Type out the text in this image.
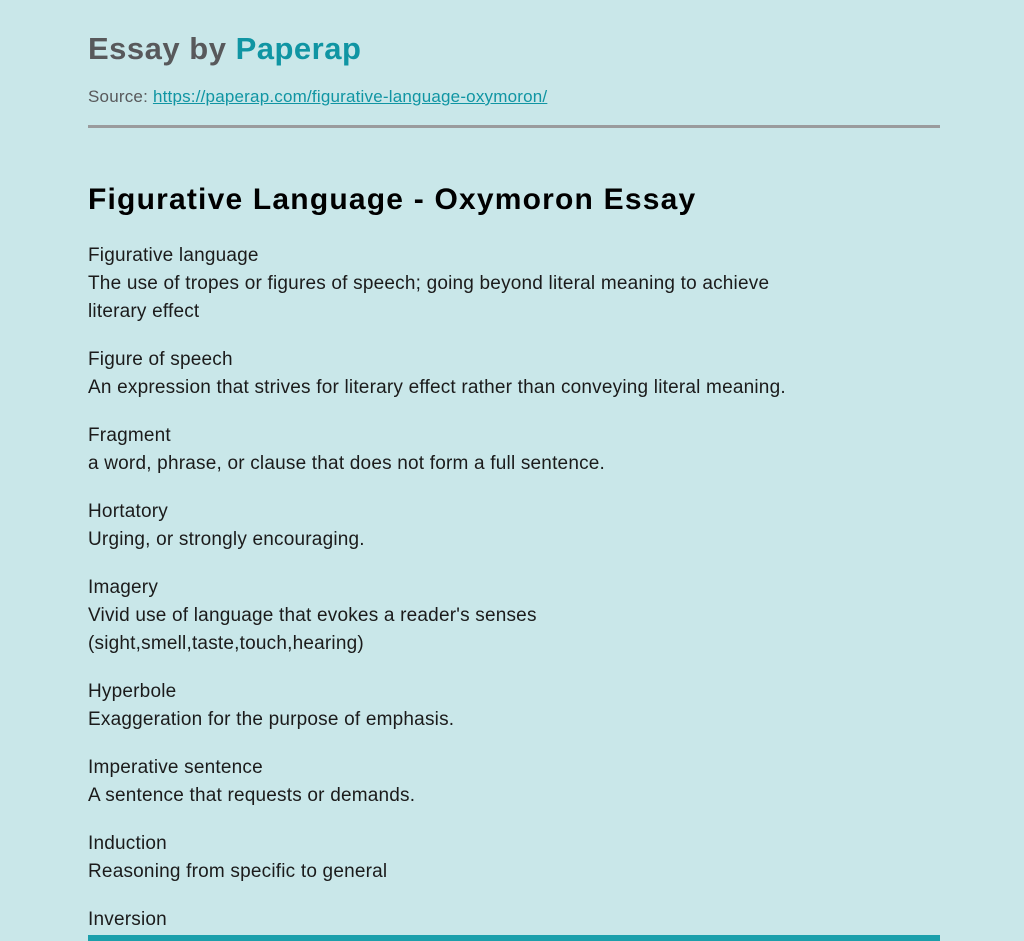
Essay by Paperap
Source: https://paperap.com/figurative-language-oxymoron/
Figurative Language - Oxymoron Essay
Figurative language
The use of tropes or figures of speech; going beyond literal meaning to achieve
literary effect
Figure of speech
An expression that strives for literary effect rather than conveying literal meaning.
Fragment
a word, phrase, or clause that does not form a full sentence.
Hortatory
Urging, or strongly encouraging.
Imagery
Vivid use of language that evokes a reader's senses
(sight,smell,taste,touch,hearing)
Hyperbole
Exaggeration for the purpose of emphasis.
Imperative sentence
A sentence that requests or demands.
Induction
Reasoning from specific to general
Inversion
